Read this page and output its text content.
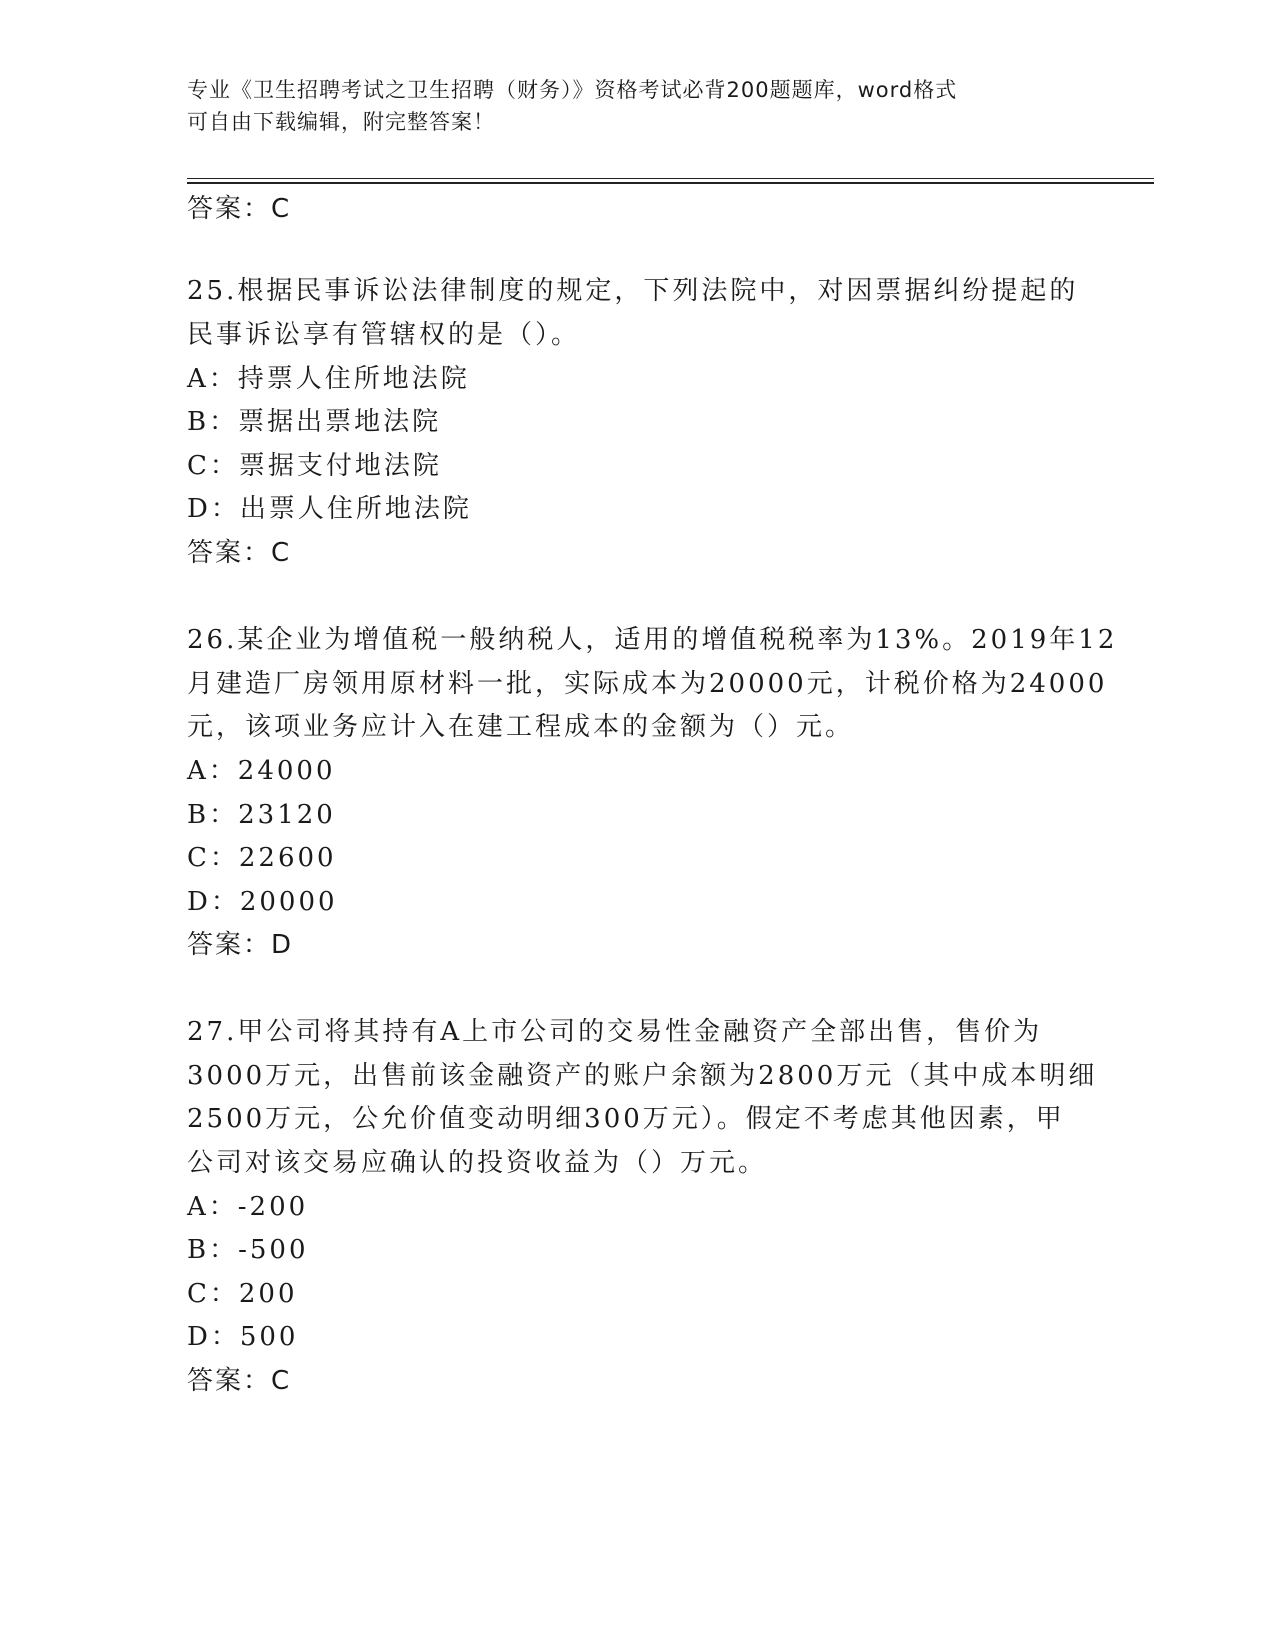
专业《卫生招聘考试之卫生招聘（财务）》资格考试必背200题题库，word格式
可自由下载编辑，附完整答案！
答案：C
25.根据民事诉讼法律制度的规定，下列法院中，对因票据纠纷提起的
民事诉讼享有管辖权的是（）。
A：持票人住所地法院
B：票据出票地法院
C：票据支付地法院
D：出票人住所地法院
答案：C
26.某企业为增值税一般纳税人，适用的增值税税率为13%。2019年12
月建造厂房领用原材料一批，实际成本为20000元，计税价格为24000
元，该项业务应计入在建工程成本的金额为（）元。
A：24000
B：23120
C：22600
D：20000
答案：D
27.甲公司将其持有A上市公司的交易性金融资产全部出售，售价为
3000万元，出售前该金融资产的账户余额为2800万元（其中成本明细
2500万元，公允价值变动明细300万元）。假定不考虑其他因素，甲
公司对该交易应确认的投资收益为（）万元。
A：-200
B：-500
C：200
D：500
答案：C
